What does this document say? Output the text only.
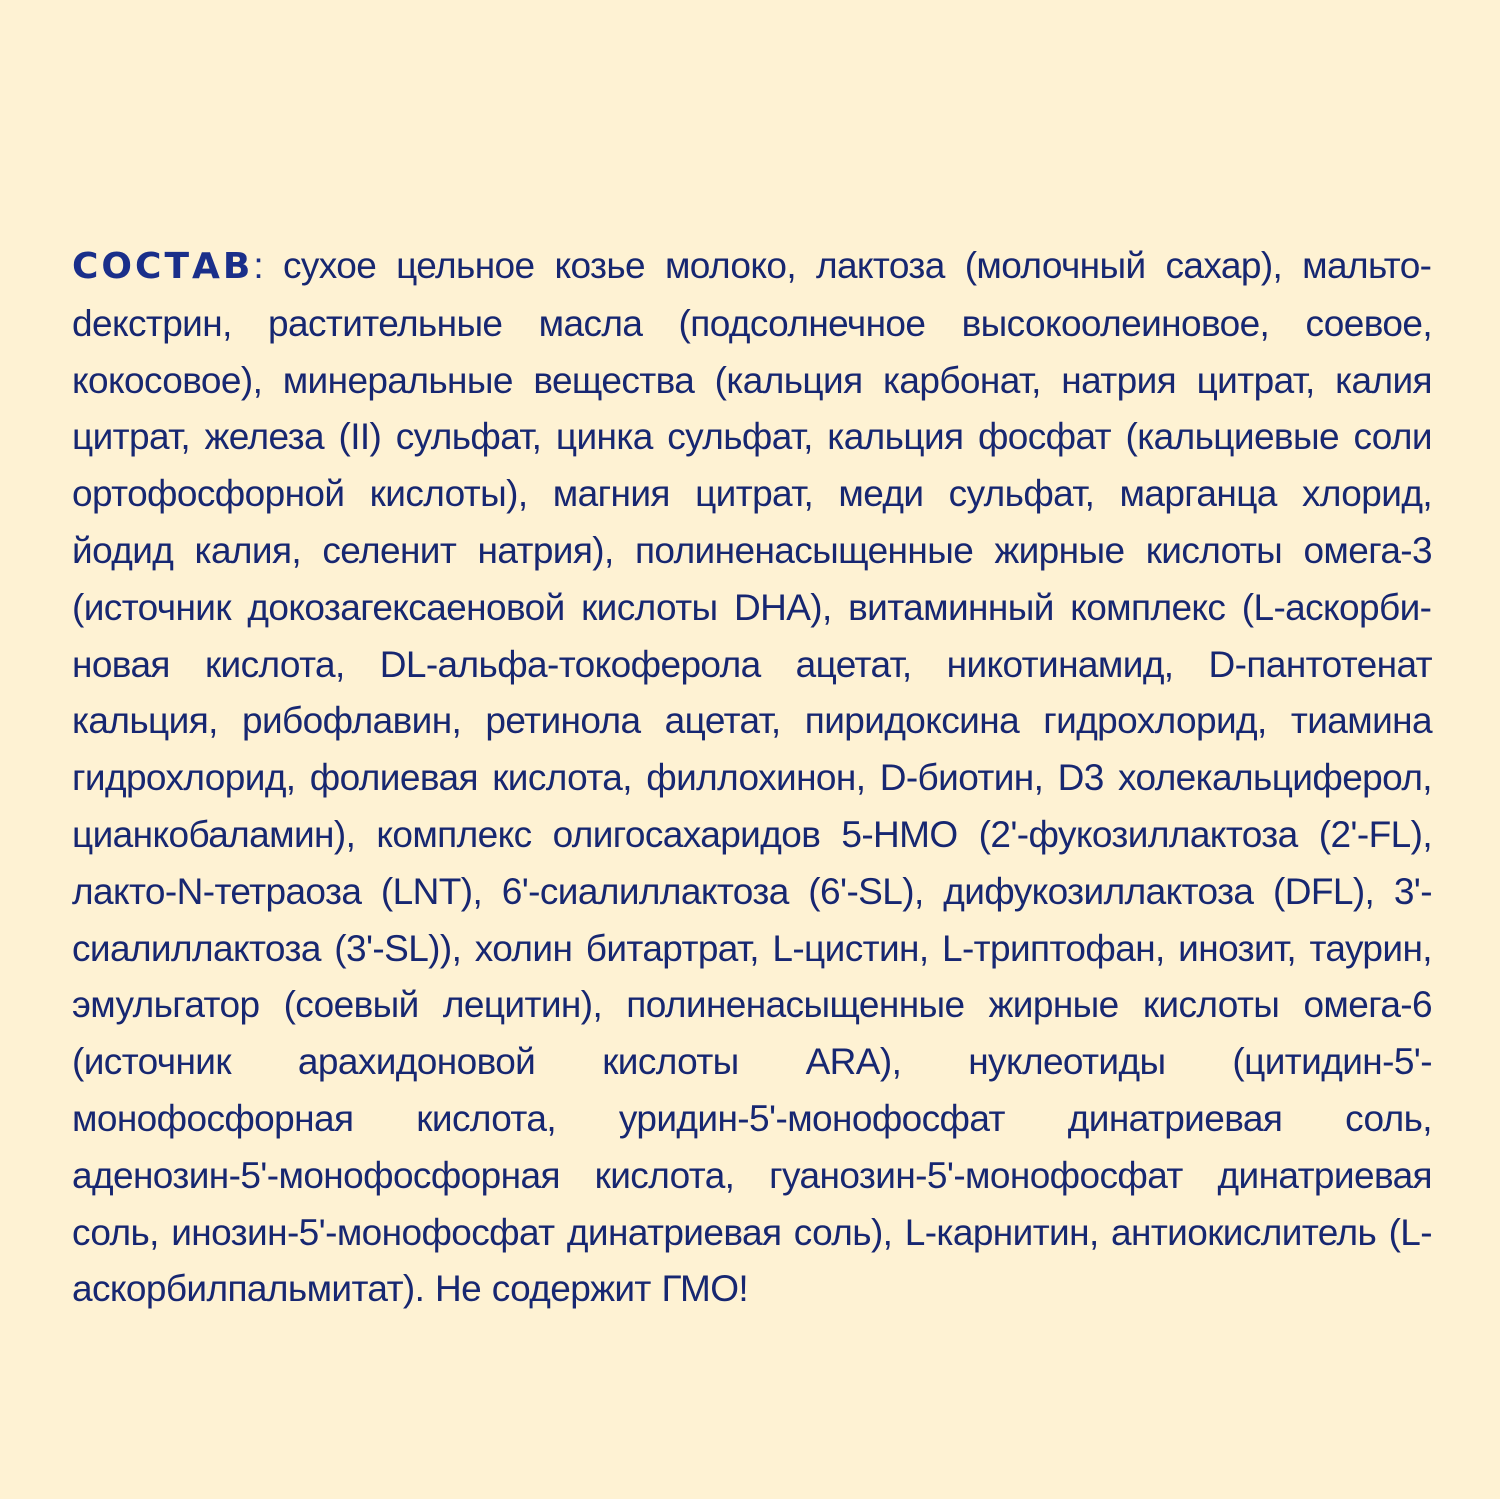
СОСТАВ: сухое цельное козье молоко, лактоза (молочный сахар), мальтоdекстрин, растительные масла (подсолнечное высокоолеиновое, соевое, кокосовое), минеральные вещества (кальция карбонат, натрия цитрат, калия цитрат, железа (II) сульфат, цинка сульфат, кальция фосфат (кальциевые соли ортофосфорной кислоты), магния цитрат, меди сульфат, марганца хлорид, йодид калия, селенит натрия), полиненасыщенные жирные кислоты омега-3 (источник докозагексаеновой кислоты DHA), витаминный комплекс (L-аскорбиновая кислота, DL-альфа-токоферола ацетат, никотинамид, D-пантотенат кальция, рибофлавин, ретинола ацетат, пиридоксина гидрохлорид, тиамина гидрохлорид, фолиевая кислота, филлохинон, D-биотин, D3 холекальциферол, цианкобаламин), комплекс олигосахаридов 5-HMO (2'-фукозиллактоза (2'-FL), лакто-N-тетраоза (LNT), 6'-сиалиллактоза (6'-SL), дифукозиллактоза (DFL), 3'-сиалиллактоза (3'-SL)), холин битартрат, L-цистин, L-триптофан, инозит, таурин, эмульгатор (соевый лецитин), полиненасыщенные жирные кислоты омега-6 (источник арахидоновой кислоты ARA), нуклеотиды (цитидин-5'-монофосфорная кислота, уридин-5'-монофосфат динатриевая соль, аденозин-5'-монофосфорная кислота, гуанозин-5'-монофосфат динатриевая соль, инозин-5'-монофосфат динатриевая соль), L-карнитин, антиокислитель (L-аскорбилпальмитат). Не содержит ГМО!
